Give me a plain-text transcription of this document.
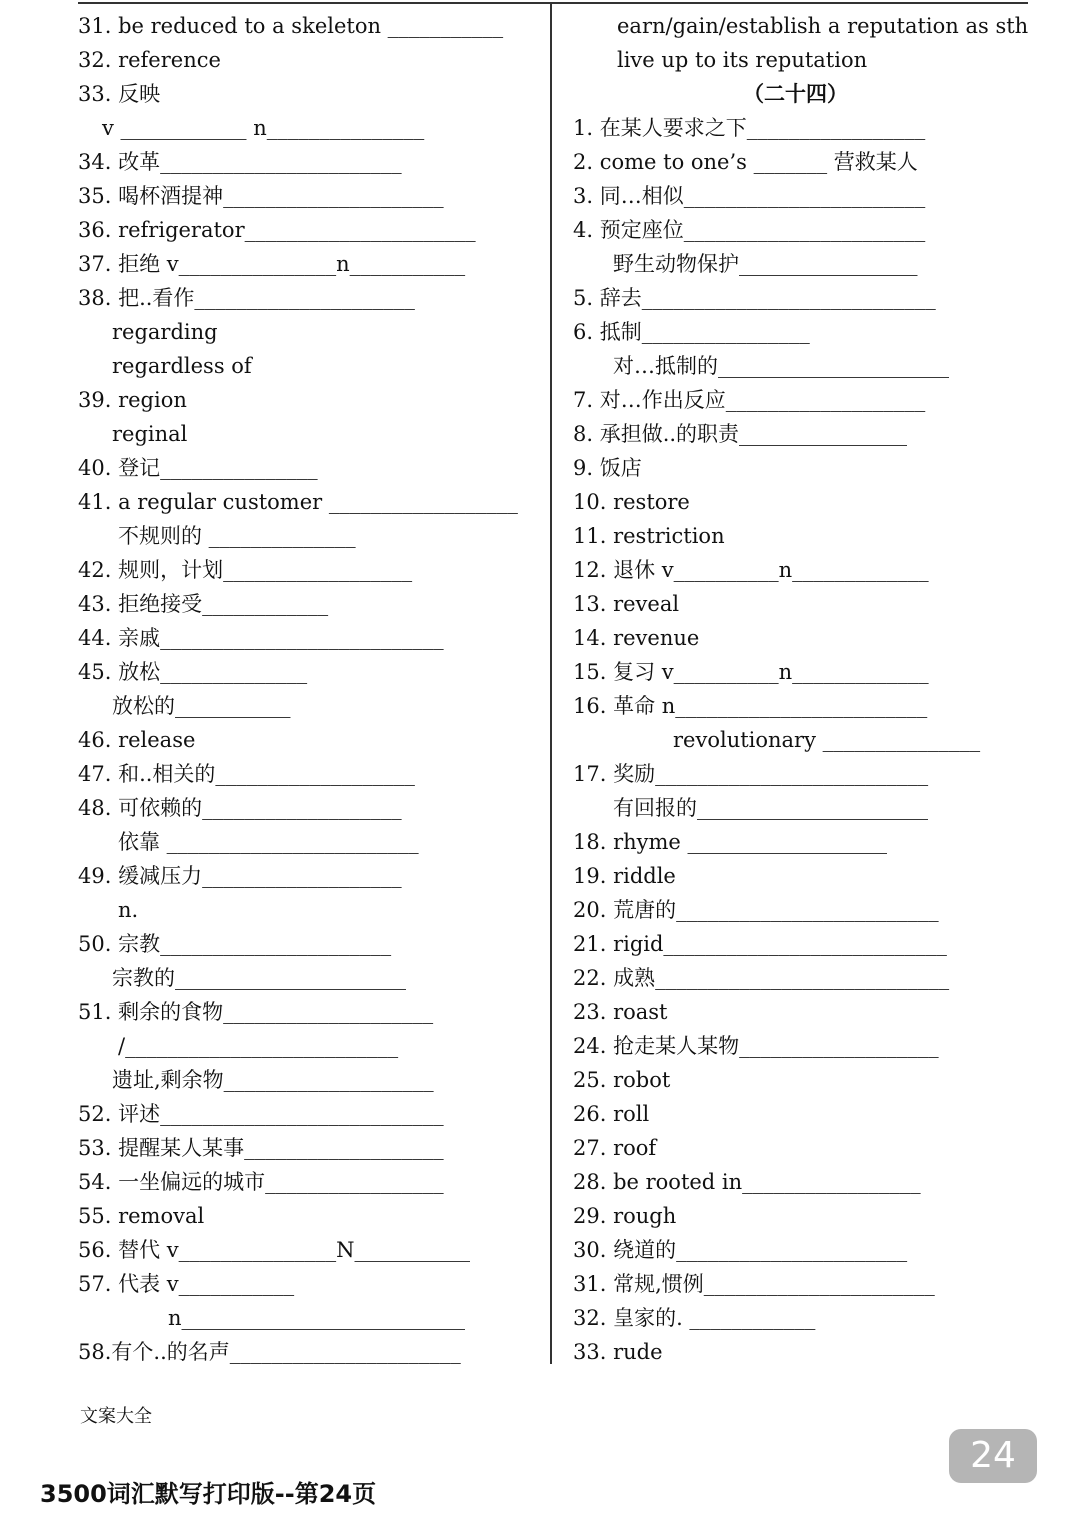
31. be reduced to a skeleton ___________
32. reference
33. 反映
v ____________ n_______________
34. 改革_______________________
35. 喝杯酒提神_____________________
36. refrigerator______________________
37. 拒绝 v_______________n___________
38. 把..看作_____________________
regarding
regardless of
39. region
reginal
40. 登记_______________
41. a regular customer __________________
不规则的 ______________
42. 规则，计划__________________
43. 拒绝接受____________
44. 亲戚___________________________
45. 放松______________
放松的___________
46. release
47. 和..相关的___________________
48. 可依赖的___________________
依靠 ________________________
49. 缓减压力___________________
n.
50. 宗教______________________
宗教的______________________
51. 剩余的食物____________________
/__________________________
遗址,剩余物____________________
52. 评述___________________________
53. 提醒某人某事___________________
54. 一坐偏远的城市_________________
55. removal
56. 替代 v_______________N___________
57. 代表 v___________
n___________________________
58.有个..的名声______________________
earn/gain/establish a reputation as sth
live up to its reputation
（二十四）
1. 在某人要求之下_________________
2. come to one’s _______ 营救某人
3. 同…相似_______________________
4. 预定座位_______________________
野生动物保护_________________
5. 辞去____________________________
6. 抵制________________
对…抵制的______________________
7. 对…作出反应___________________
8. 承担做..的职责________________
9. 饭店
10. restore
11. restriction
12. 退休 v__________n_____________
13. reveal
14. revenue
15. 复习 v__________n_____________
16. 革命 n________________________
revolutionary _______________
17. 奖励__________________________
有回报的______________________
18. rhyme ___________________
19. riddle
20. 荒唐的_________________________
21. rigid___________________________
22. 成熟____________________________
23. roast
24. 抢走某人某物___________________
25. robot
26. roll
27. roof
28. be rooted in_________________
29. rough
30. 绕道的______________________
31. 常规,惯例______________________
32. 皇家的. ____________
33. rude
文案大全
24
3500词汇默写打印版--第24页
